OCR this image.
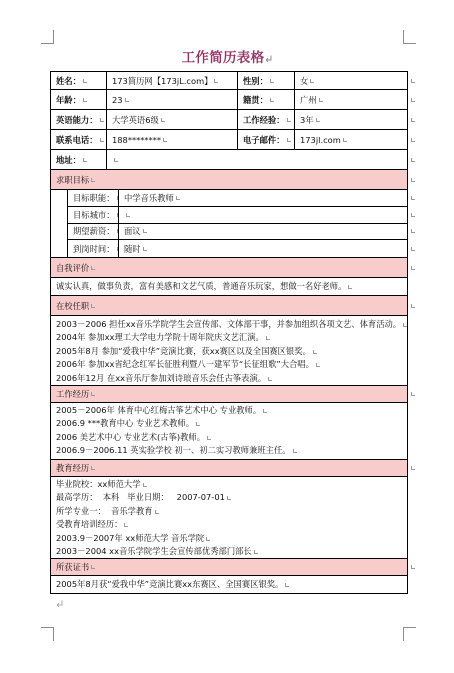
工作简历表格
姓名：	173简历网【173jL.com】	性别：	女
年龄：	23	籍贯：	广州
英语能力：	大学英语6级	工作经验：	3年
联系电话：	188********	电子邮件：	173jl.com
地址：
求职目标
目标职能：	中学音乐教师
目标城市：
期望薪资：	面议
到岗时间：	随时
自我评价
诚实认真，做事负责，富有美感和文艺气质，普通音乐玩家，想做一名好老师。
在校任职
2003－2006 担任xx音乐学院学生会宣传部、文体部干事，并参加组织各项文艺、体育活动。
2004年 参加xx理工大学电力学院十周年院庆文艺汇演。
2005年8月 参加“爱我中华”竞演比赛，获xx赛区以及全国赛区银奖。
2006年 参加xx省纪念红军长征胜利暨八一建军节“长征组歌”大合唱。
2006年12月 在xx音乐厅参加刘诗琅音乐会任古筝表演。
工作经历
2005－2006年 体育中心红梅古筝艺术中心 专业教师。
2006.9 ***教育中心 专业艺术教师。
2006 美艺术中心 专业艺术(古筝)教师。
2006.9－2006.11 英实验学校 初一、初二实习教师兼班主任。
教育经历
毕业院校：xx师范大学
最高学历：  本科   毕业日期：   2007-07-01
所学专业一：  音乐学教育
受教育培训经历：
2003.9－2007年 xx师范大学 音乐学院
2003－2004 xx音乐学院学生会宣传部优秀部门部长
所获证书
2005年8月获“爱我中华”竞演比赛xx东赛区、全国赛区银奖。
